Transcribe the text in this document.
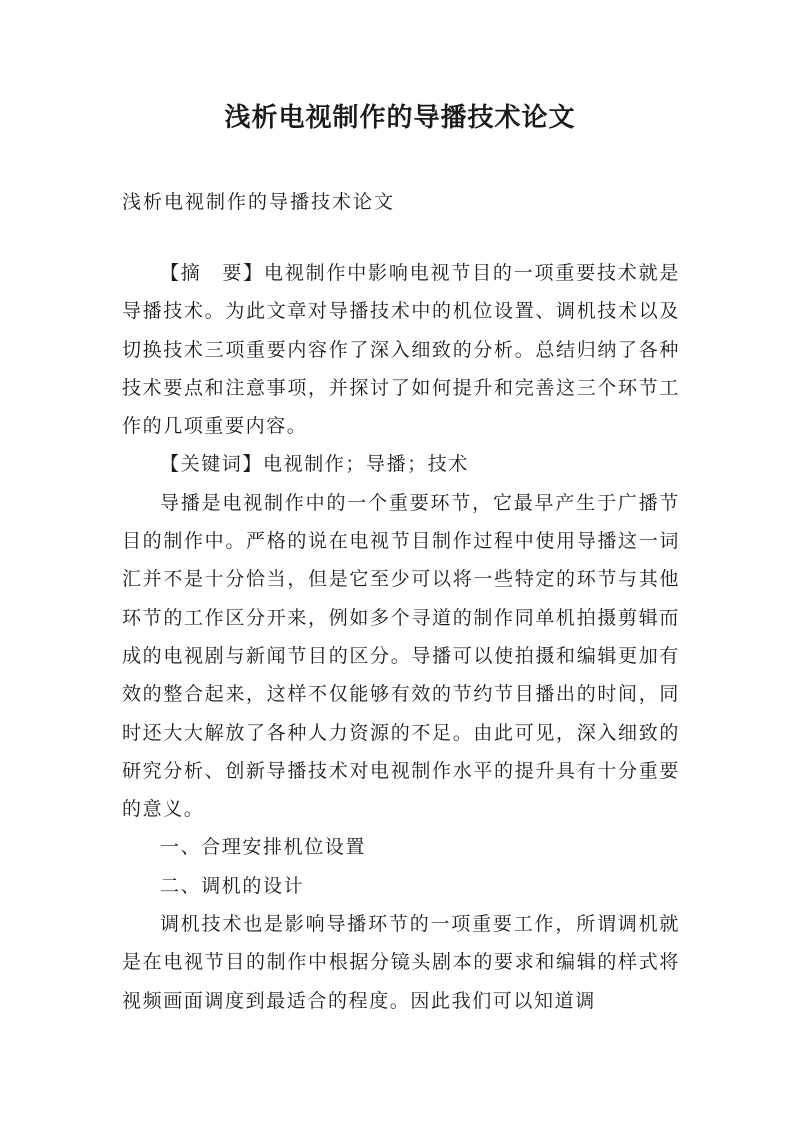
浅析电视制作的导播技术论文

浅析电视制作的导播技术论文

【摘　要】电视制作中影响电视节目的一项重要技术就是导播技术。为此文章对导播技术中的机位设置、调机技术以及切换技术三项重要内容作了深入细致的分析。总结归纳了各种技术要点和注意事项，并探讨了如何提升和完善这三个环节工作的几项重要内容。

【关键词】电视制作；导播；技术

导播是电视制作中的一个重要环节，它最早产生于广播节目的制作中。严格的说在电视节目制作过程中使用导播这一词汇并不是十分恰当，但是它至少可以将一些特定的环节与其他环节的工作区分开来，例如多个寻道的制作同单机拍摄剪辑而成的电视剧与新闻节目的区分。导播可以使拍摄和编辑更加有效的整合起来，这样不仅能够有效的节约节目播出的时间，同时还大大解放了各种人力资源的不足。由此可见，深入细致的研究分析、创新导播技术对电视制作水平的提升具有十分重要的意义。

一、合理安排机位设置

二、调机的设计

调机技术也是影响导播环节的一项重要工作，所谓调机就是在电视节目的制作中根据分镜头剧本的要求和编辑的样式将视频画面调度到最适合的程度。因此我们可以知道调
